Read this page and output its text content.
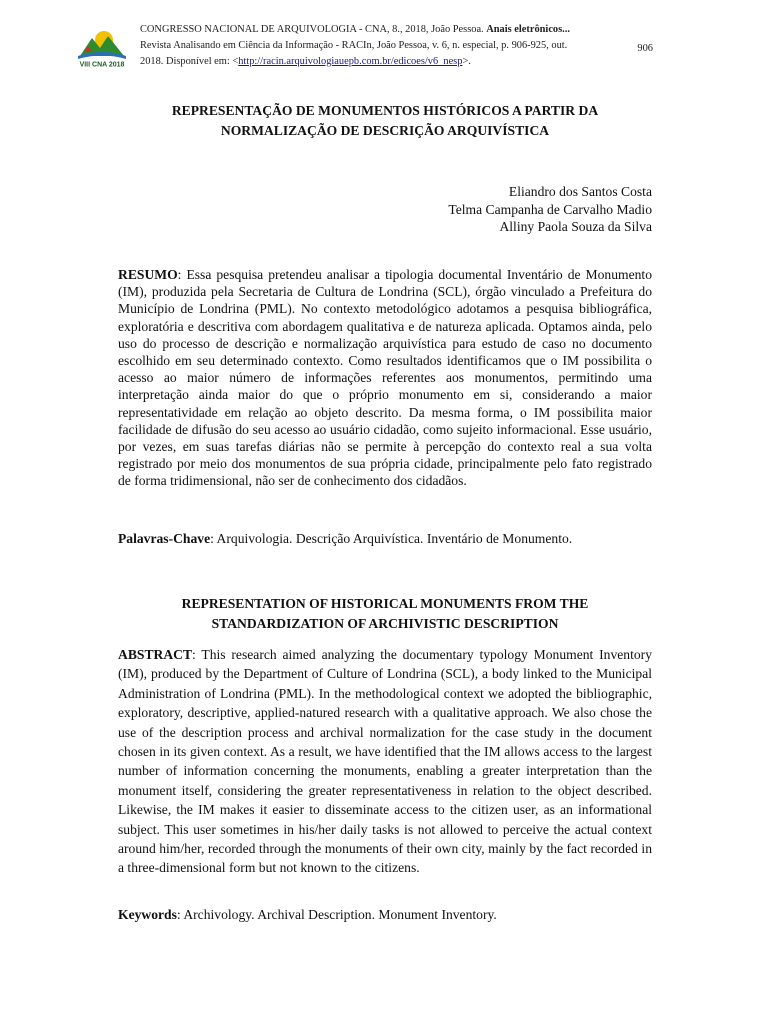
VIII CNA 2018
CONGRESSO NACIONAL DE ARQUIVOLOGIA - CNA, 8., 2018, João Pessoa. Anais eletrônicos...
Revista Analisando em Ciência da Informação - RACIn, João Pessoa, v. 6, n. especial, p. 906-925, out.
2018. Disponível em: <http://racin.arquivologiauepb.com.br/edicoes/v6_nesp>.
906
REPRESENTAÇÃO DE MONUMENTOS HISTÓRICOS A PARTIR DA
NORMALIZAÇÃO DE DESCRIÇÃO ARQUIVÍSTICA
Eliandro dos Santos Costa
Telma Campanha de Carvalho Madio
Alliny Paola Souza da Silva

RESUMO: Essa pesquisa pretendeu analisar a tipologia documental Inventário de Monumento (IM), produzida pela Secretaria de Cultura de Londrina (SCL), órgão vinculado a Prefeitura do Município de Londrina (PML). No contexto metodológico adotamos a pesquisa bibliográfica, exploratória e descritiva com abordagem qualitativa e de natureza aplicada. Optamos ainda, pelo uso do processo de descrição e normalização arquivística para estudo de caso no documento escolhido em seu determinado contexto. Como resultados identificamos que o IM possibilita o acesso ao maior número de informações referentes aos monumentos, permitindo uma interpretação ainda maior do que o próprio monumento em si, considerando a maior representatividade em relação ao objeto descrito. Da mesma forma, o IM possibilita maior facilidade de difusão do seu acesso ao usuário cidadão, como sujeito informacional. Esse usuário, por vezes, em suas tarefas diárias não se permite à percepção do contexto real a sua volta registrado por meio dos monumentos de sua própria cidade, principalmente pelo fato registrado de forma tridimensional, não ser de conhecimento dos cidadãos.

Palavras-Chave: Arquivologia. Descrição Arquivística. Inventário de Monumento.

REPRESENTATION OF HISTORICAL MONUMENTS FROM THE
STANDARDIZATION OF ARCHIVISTIC DESCRIPTION

ABSTRACT: This research aimed analyzing the documentary typology Monument Inventory (IM), produced by the Department of Culture of Londrina (SCL), a body linked to the Municipal Administration of Londrina (PML). In the methodological context we adopted the bibliographic, exploratory, descriptive, applied-natured research with a qualitative approach. We also chose the use of the description process and archival normalization for the case study in the document chosen in its given context. As a result, we have identified that the IM allows access to the largest number of information concerning the monuments, enabling a greater interpretation than the monument itself, considering the greater representativeness in relation to the object described. Likewise, the IM makes it easier to disseminate access to the citizen user, as an informational subject. This user sometimes in his/her daily tasks is not allowed to perceive the actual context around him/her, recorded through the monuments of their own city, mainly by the fact recorded in a three-dimensional form but not known to the citizens.

Keywords: Archivology. Archival Description. Monument Inventory.
